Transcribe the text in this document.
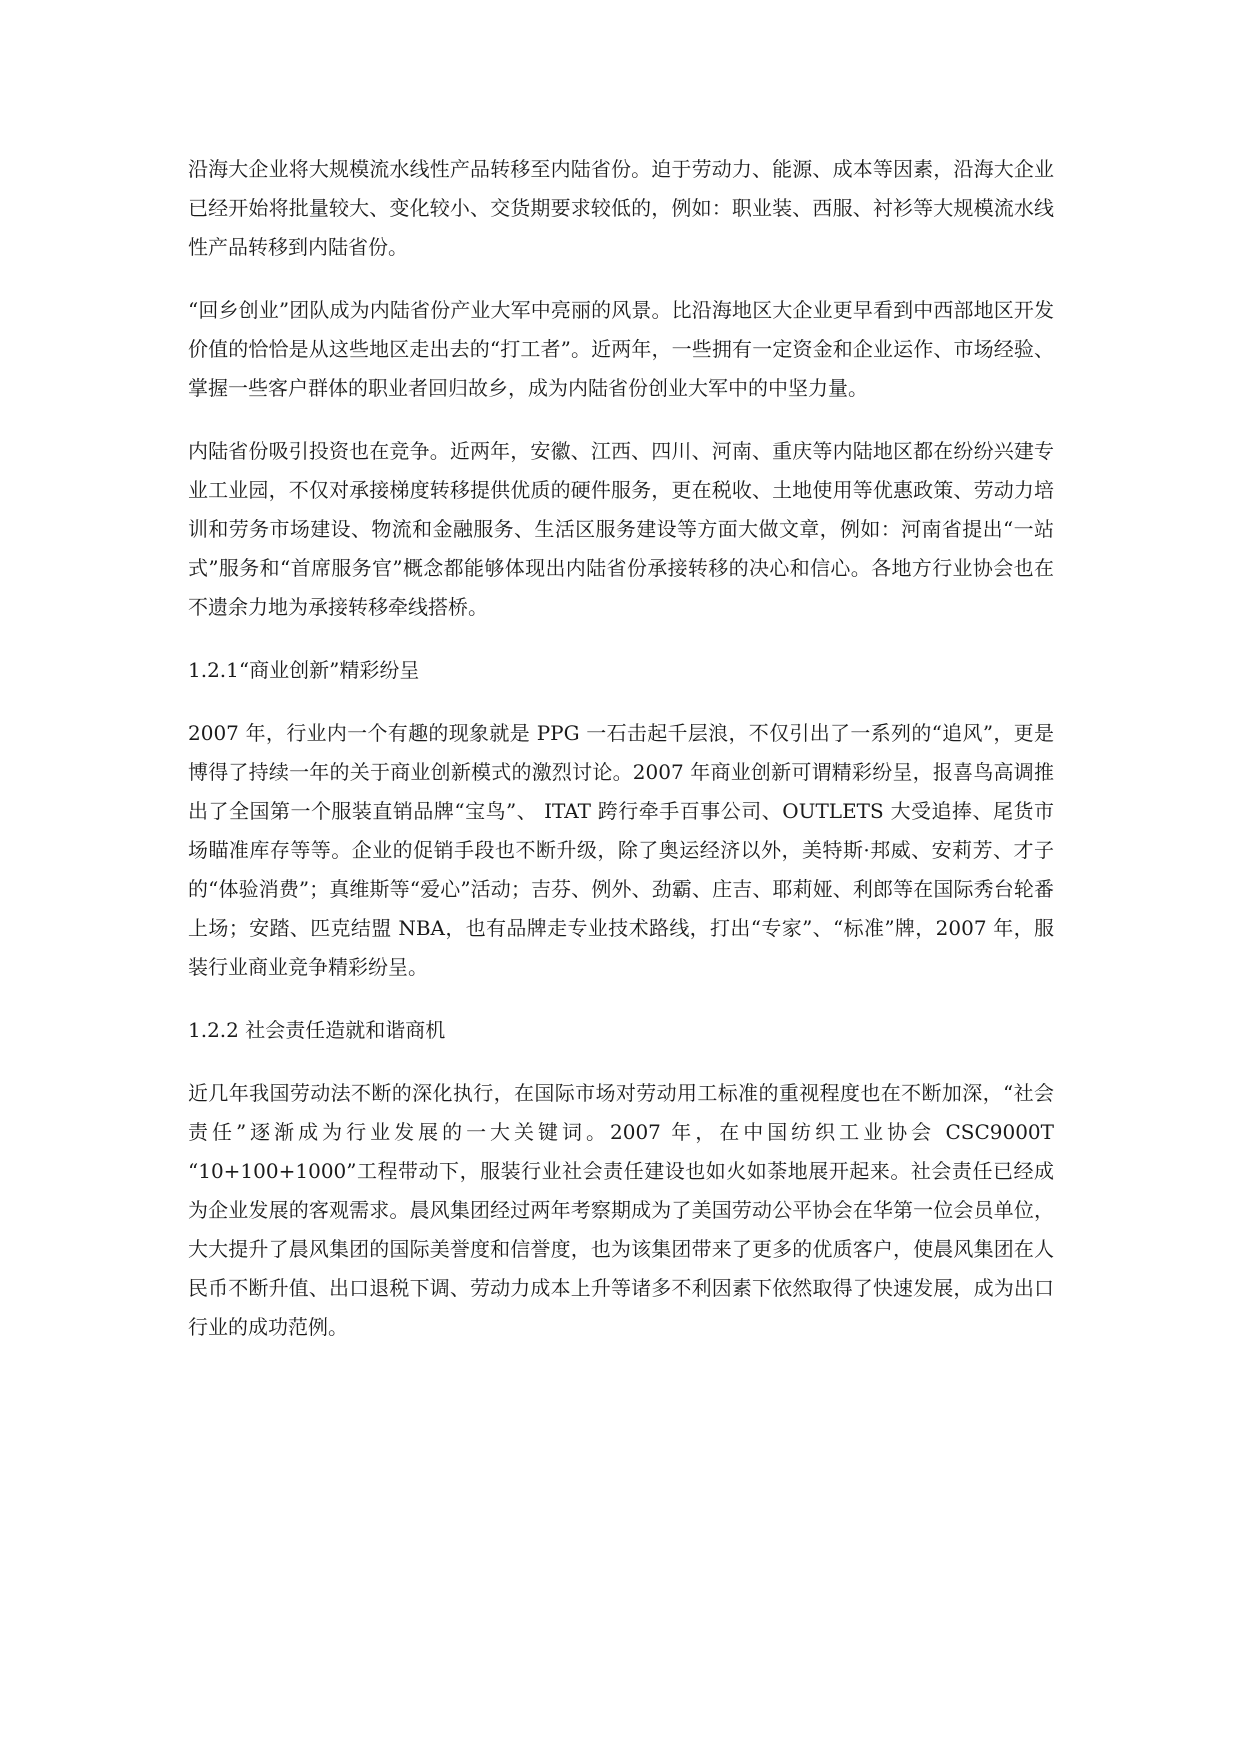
沿海大企业将大规模流水线性产品转移至内陆省份。迫于劳动力、能源、成本等因素，沿海大企业已经开始将批量较大、变化较小、交货期要求较低的，例如：职业装、西服、衬衫等大规模流水线性产品转移到内陆省份。

“回乡创业”团队成为内陆省份产业大军中亮丽的风景。比沿海地区大企业更早看到中西部地区开发价值的恰恰是从这些地区走出去的“打工者”。近两年，一些拥有一定资金和企业运作、市场经验、掌握一些客户群体的职业者回归故乡，成为内陆省份创业大军中的中坚力量。

内陆省份吸引投资也在竞争。近两年，安徽、江西、四川、河南、重庆等内陆地区都在纷纷兴建专业工业园，不仅对承接梯度转移提供优质的硬件服务，更在税收、土地使用等优惠政策、劳动力培训和劳务市场建设、物流和金融服务、生活区服务建设等方面大做文章，例如：河南省提出“一站式”服务和“首席服务官”概念都能够体现出内陆省份承接转移的决心和信心。各地方行业协会也在不遗余力地为承接转移牵线搭桥。

1.2.1“商业创新”精彩纷呈

2007 年，行业内一个有趣的现象就是 PPG 一石击起千层浪，不仅引出了一系列的“追风”，更是博得了持续一年的关于商业创新模式的激烈讨论。2007 年商业创新可谓精彩纷呈，报喜鸟高调推出了全国第一个服装直销品牌“宝鸟”、 ITAT 跨行牵手百事公司、OUTLETS 大受追捧、尾货市场瞄准库存等等。企业的促销手段也不断升级，除了奥运经济以外，美特斯·邦威、安莉芳、才子的“体验消费”；真维斯等“爱心”活动；吉芬、例外、劲霸、庄吉、耶莉娅、利郎等在国际秀台轮番上场；安踏、匹克结盟 NBA，也有品牌走专业技术路线，打出“专家”、“标准”牌，2007 年，服装行业商业竞争精彩纷呈。

1.2.2 社会责任造就和谐商机

近几年我国劳动法不断的深化执行，在国际市场对劳动用工标准的重视程度也在不断加深，“社会责任”逐渐成为行业发展的一大关键词。2007 年，在中国纺织工业协会 CSC9000T “10+100+1000”工程带动下，服装行业社会责任建设也如火如荼地展开起来。社会责任已经成为企业发展的客观需求。晨风集团经过两年考察期成为了美国劳动公平协会在华第一位会员单位，大大提升了晨风集团的国际美誉度和信誉度，也为该集团带来了更多的优质客户，使晨风集团在人民币不断升值、出口退税下调、劳动力成本上升等诸多不利因素下依然取得了快速发展，成为出口行业的成功范例。
